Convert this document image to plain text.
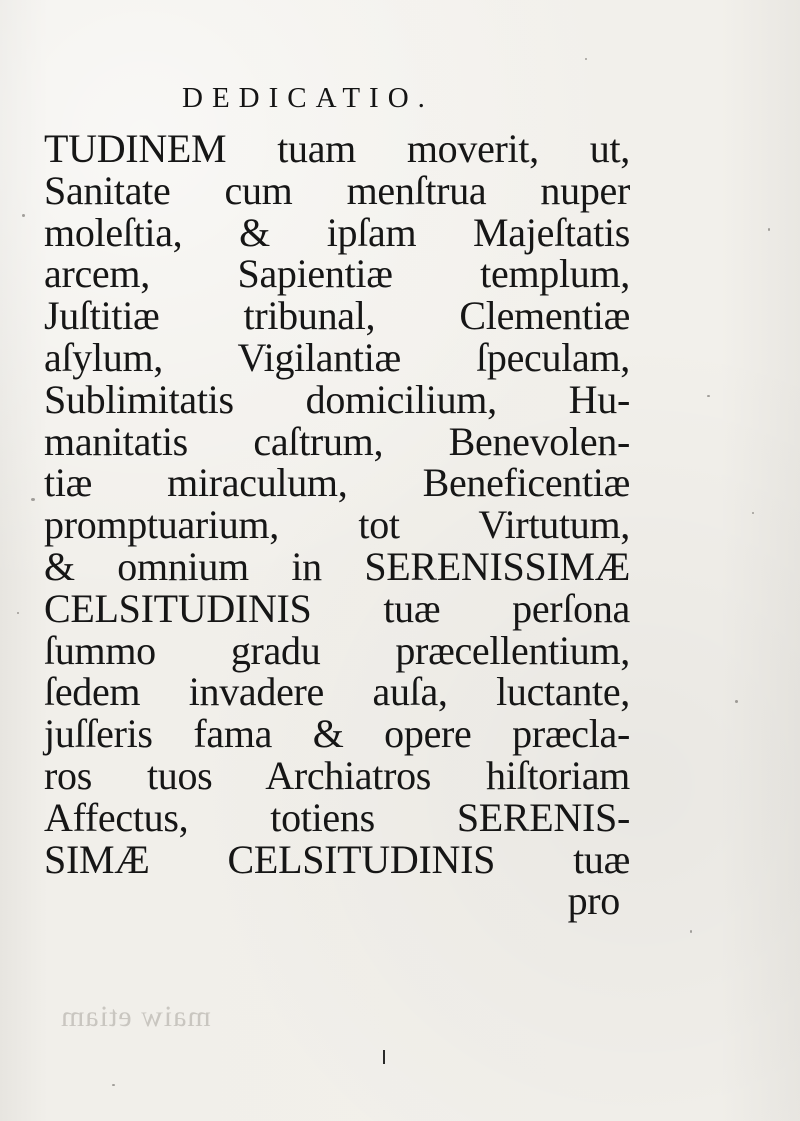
maiw etiam
DEDICATIO.
TUDINEM tuam moverit, ut,
Sanitate cum menſtrua nuper
moleſtia, & ipſam Majeſtatis
arcem, Sapientiæ templum,
Juſtitiæ tribunal, Clementiæ
aſylum, Vigilantiæ ſpeculam,
Sublimitatis domicilium, Hu-
manitatis caſtrum, Benevolen-
tiæ miraculum, Beneficentiæ
promptuarium, tot Virtutum,
& omnium in SERENISSIMÆ
CELSITUDINIS tuæ perſona
ſummo gradu præcellentium,
ſedem invadere auſa, luctante,
juſſeris fama & opere præcla-
ros tuos Archiatros hiſtoriam
Affectus, totiens SERENIS-
SIMÆ CELSITUDINIS tuæ
pro
